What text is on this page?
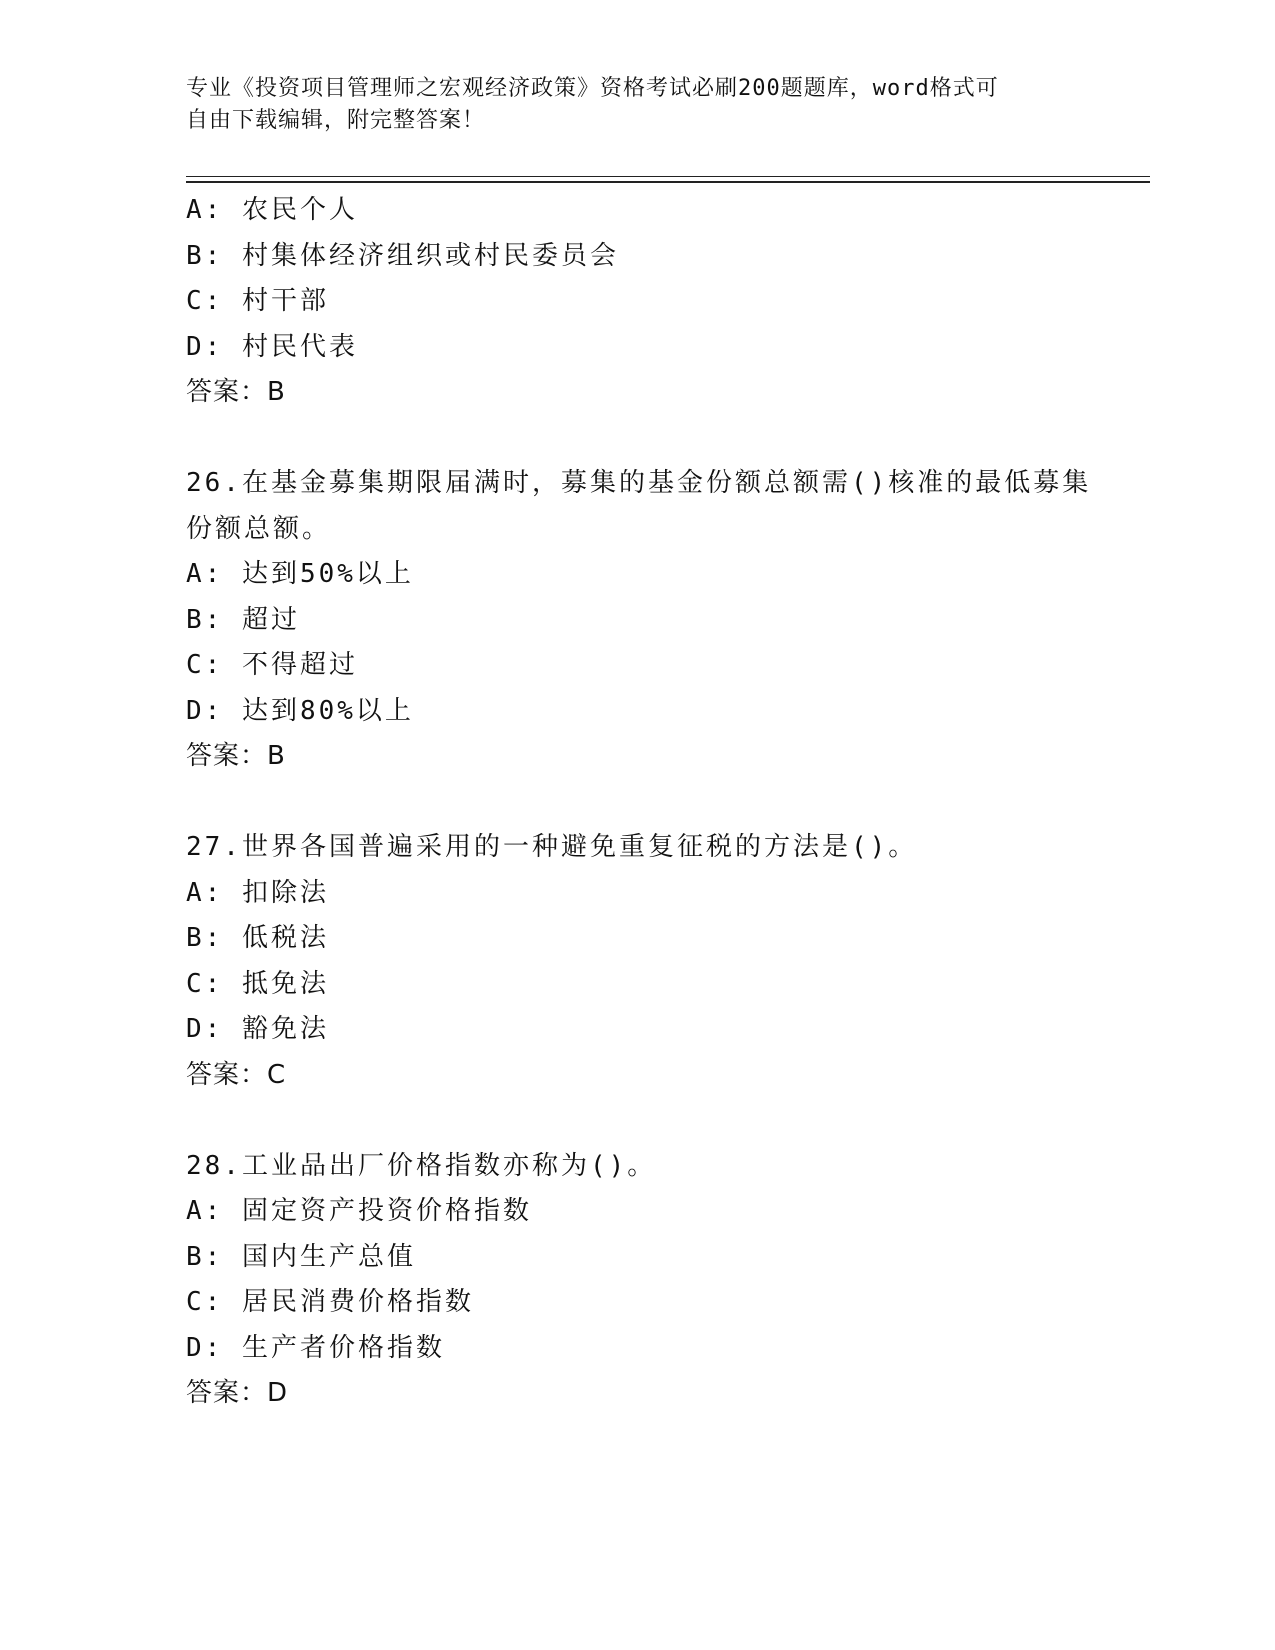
专业《投资项目管理师之宏观经济政策》资格考试必刷200题题库，word格式可
自由下载编辑，附完整答案！
A: 农民个人
B: 村集体经济组织或村民委员会
C: 村干部
D: 村民代表
答案：B
26.在基金募集期限届满时，募集的基金份额总额需()核准的最低募集
份额总额。
A: 达到50%以上
B: 超过
C: 不得超过
D: 达到80%以上
答案：B
27.世界各国普遍采用的一种避免重复征税的方法是()。
A: 扣除法
B: 低税法
C: 抵免法
D: 豁免法
答案：C
28.工业品出厂价格指数亦称为()。
A: 固定资产投资价格指数
B: 国内生产总值
C: 居民消费价格指数
D: 生产者价格指数
答案：D
